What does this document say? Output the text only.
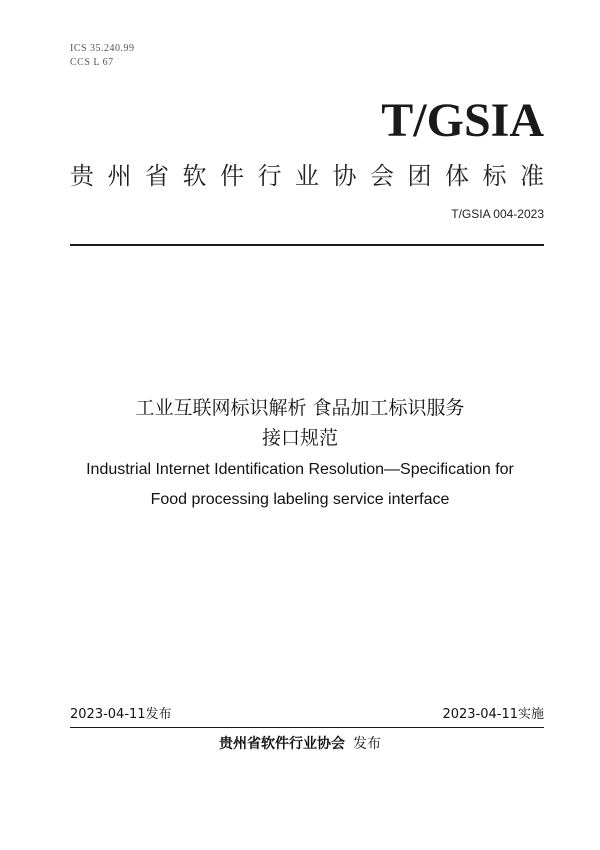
ICS 35.240.99
CCS L 67
T/GSIA
贵 州 省 软 件 行 业 协 会 团 体 标 准
T/GSIA 004-2023

工业互联网标识解析 食品加工标识服务

接口规范

Industrial Internet Identification Resolution—Specification for

Food processing labeling service interface

2023-04-11发布	2023-04-11实施
贵州省软件行业协会 发布
